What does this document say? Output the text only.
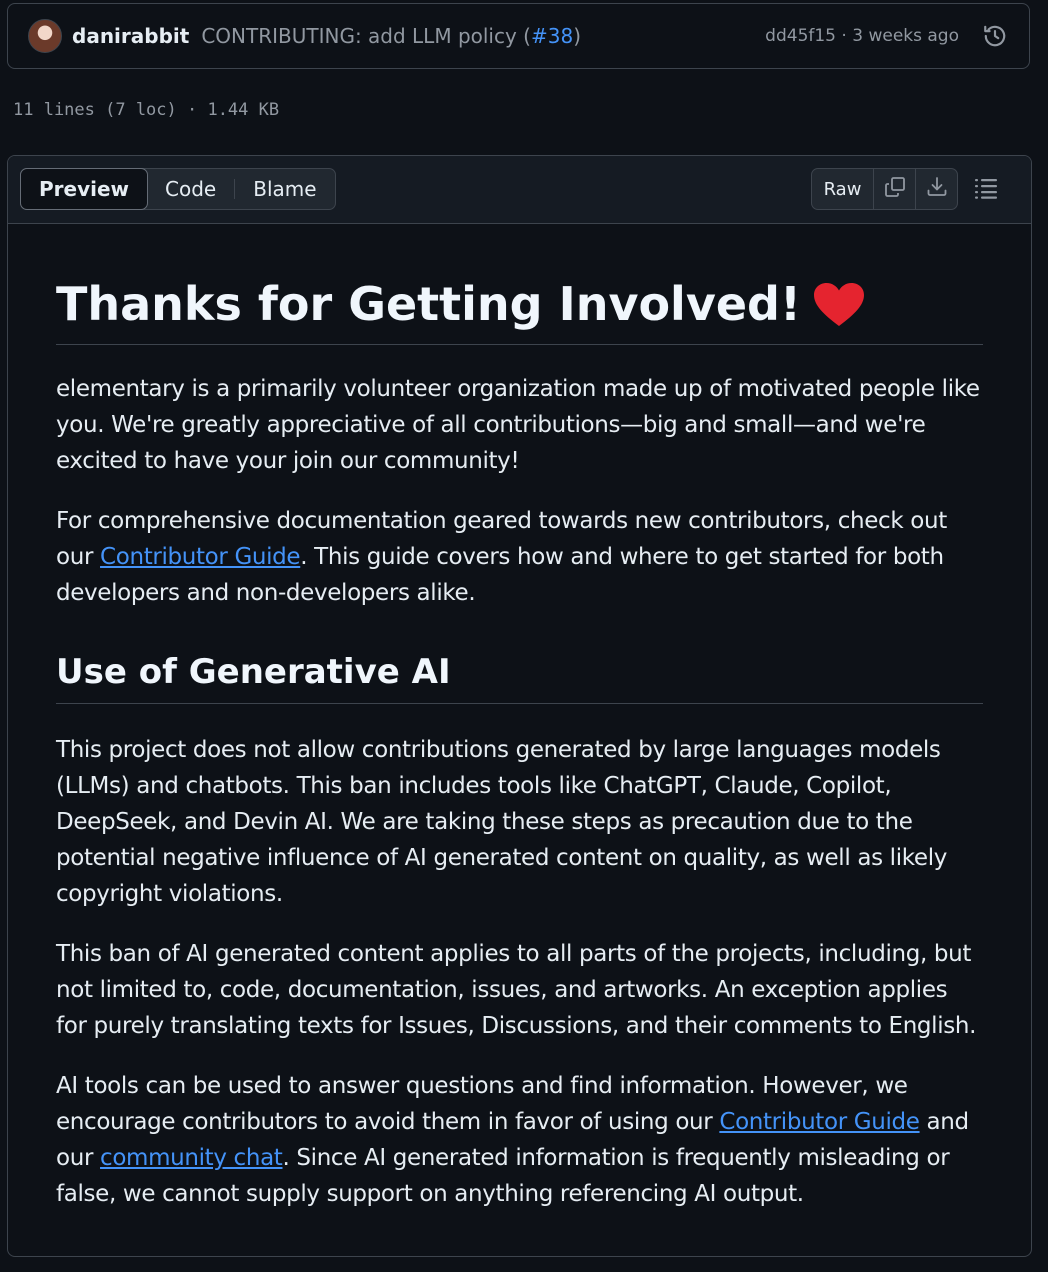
danirabbit CONTRIBUTING: add LLM policy (#38)	dd45f15 · 3 weeks ago
11 lines (7 loc) · 1.44 KB
Preview	Code	Blame	Raw
Thanks for Getting Involved!

elementary is a primarily volunteer organization made up of motivated people like you. We're greatly appreciative of all contributions—big and small—and we're excited to have your join our community!

For comprehensive documentation geared towards new contributors, check out our Contributor Guide. This guide covers how and where to get started for both developers and non-developers alike.

Use of Generative AI

This project does not allow contributions generated by large languages models (LLMs) and chatbots. This ban includes tools like ChatGPT, Claude, Copilot, DeepSeek, and Devin AI. We are taking these steps as precaution due to the potential negative influence of AI generated content on quality, as well as likely copyright violations.

This ban of AI generated content applies to all parts of the projects, including, but not limited to, code, documentation, issues, and artworks. An exception applies for purely translating texts for Issues, Discussions, and their comments to English.

AI tools can be used to answer questions and find information. However, we encourage contributors to avoid them in favor of using our Contributor Guide and our community chat. Since AI generated information is frequently misleading or false, we cannot supply support on anything referencing AI output.
